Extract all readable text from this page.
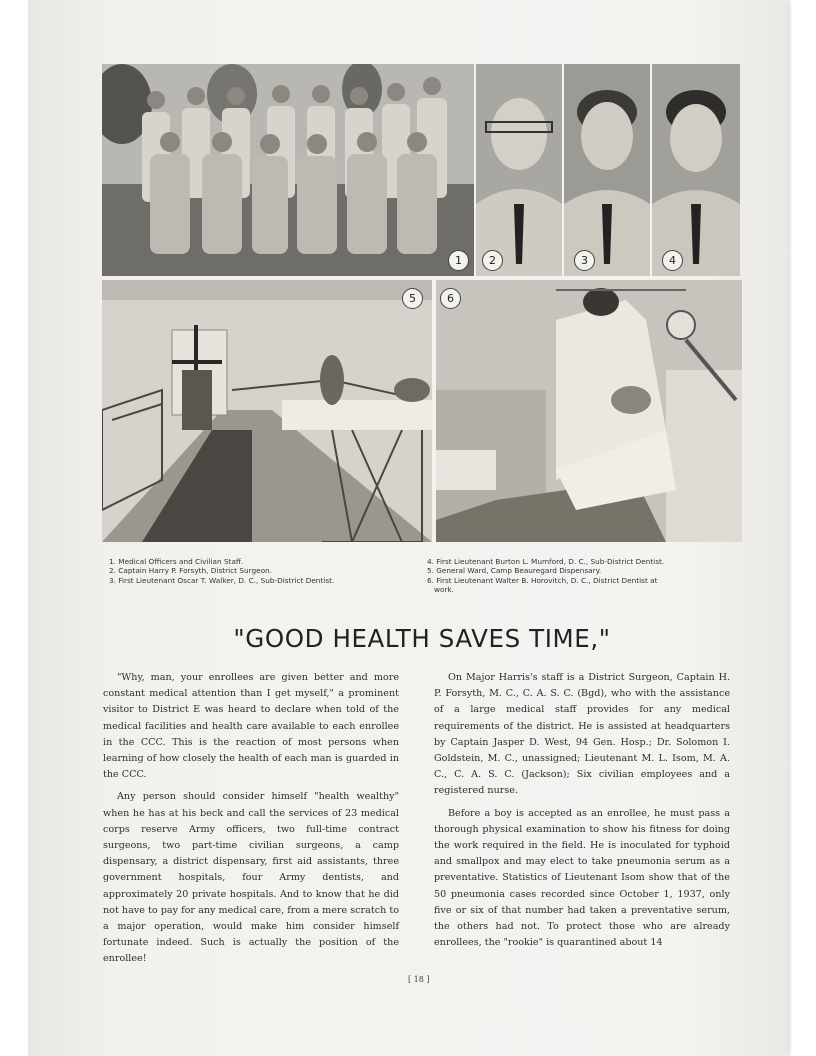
1	2	3	4
5	6
1. Medical Officers and Civilian Staff.
2. Captain Harry P. Forsyth, District Surgeon.
3. First Lieutenant Oscar T. Walker, D. C., Sub-District Dentist.
4. First Lieutenant Burton L. Mumford, D. C., Sub-District Dentist.
5. General Ward, Camp Beauregard Dispensary.
6. First Lieutenant Walter B. Horovitch, D. C., District Dentist at
work.
"GOOD HEALTH SAVES TIME,"

"Why, man, your enrollees are given better and more constant medical attention than I get myself," a prominent visitor to District E was heard to declare when told of the medical facilities and health care available to each enrollee in the CCC. This is the reaction of most persons when learning of how closely the health of each man is guarded in the CCC.

Any person should consider himself "health wealthy" when he has at his beck and call the services of 23 medical corps reserve Army officers, two full-time contract surgeons, two part-time civilian surgeons, a camp dispensary, a district dispensary, first aid assistants, three government hospitals, four Army dentists, and approximately 20 private hospitals. And to know that he did not have to pay for any medical care, from a mere scratch to a major operation, would make him consider himself fortunate indeed. Such is actually the position of the enrollee!

On Major Harris's staff is a District Surgeon, Captain H. P. Forsyth, M. C., C. A. S. C. (Bgd), who with the assistance of a large medical staff provides for any medical requirements of the district. He is assisted at headquarters by Captain Jasper D. West, 94 Gen. Hosp.; Dr. Solomon I. Goldstein, M. C., unassigned; Lieutenant M. L. Isom, M. A. C., C. A. S. C. (Jackson); Six civilian employees and a registered nurse.

Before a boy is accepted as an enrollee, he must pass a thorough physical examination to show his fitness for doing the work required in the field. He is inoculated for typhoid and smallpox and may elect to take pneumonia serum as a preventative. Statistics of Lieutenant Isom show that of the 50 pneumonia cases recorded since October 1, 1937, only five or six of that number had taken a preventative serum, the others had not. To protect those who are already enrollees, the "rookie" is quarantined about 14

[ 18 ]
